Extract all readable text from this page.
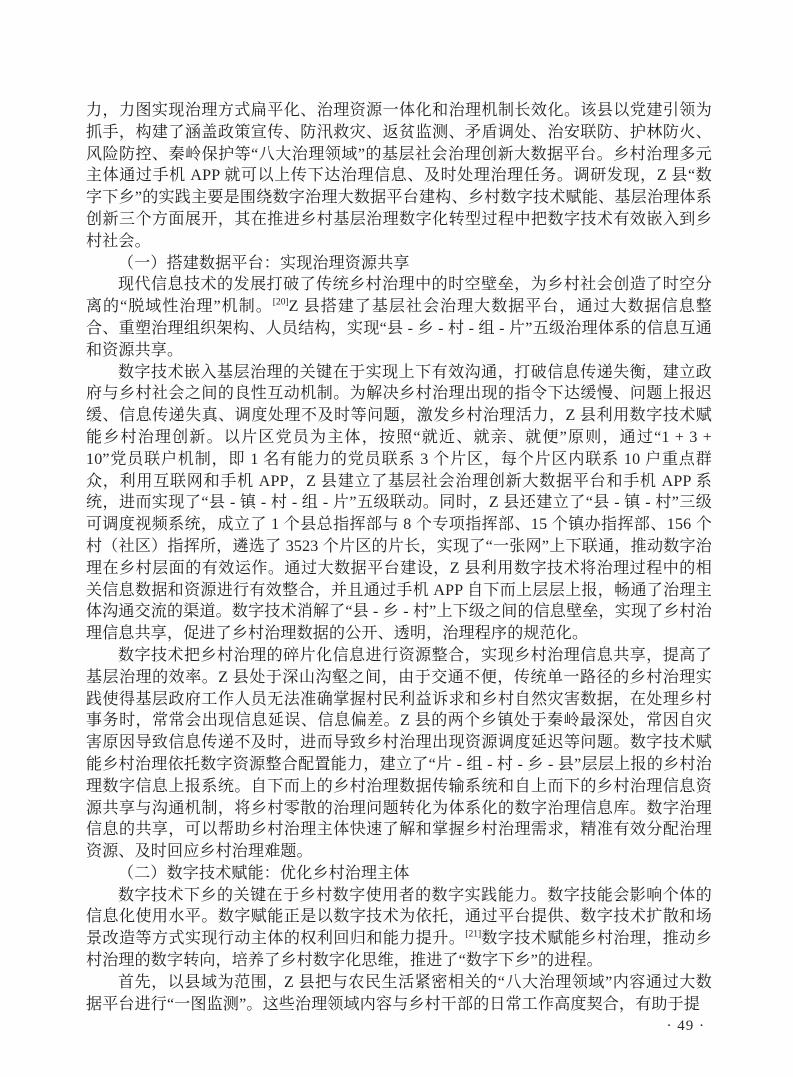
力，力图实现治理方式扁平化、治理资源一体化和治理机制长效化。该县以党建引领为抓手，构建了涵盖政策宣传、防汛救灾、返贫监测、矛盾调处、治安联防、护林防火、风险防控、秦岭保护等“八大治理领域”的基层社会治理创新大数据平台。乡村治理多元主体通过手机 APP 就可以上传下达治理信息、及时处理治理任务。调研发现，Z 县“数字下乡”的实践主要是围绕数字治理大数据平台建构、乡村数字技术赋能、基层治理体系创新三个方面展开，其在推进乡村基层治理数字化转型过程中把数字技术有效嵌入到乡村社会。

（一）搭建数据平台：实现治理资源共享

现代信息技术的发展打破了传统乡村治理中的时空壁垒，为乡村社会创造了时空分离的“脱域性治理”机制。[20]Z 县搭建了基层社会治理大数据平台，通过大数据信息整合、重塑治理组织架构、人员结构，实现“县 - 乡 - 村 - 组 - 片”五级治理体系的信息互通和资源共享。

数字技术嵌入基层治理的关键在于实现上下有效沟通，打破信息传递失衡，建立政府与乡村社会之间的良性互动机制。为解决乡村治理出现的指令下达缓慢、问题上报迟缓、信息传递失真、调度处理不及时等问题，激发乡村治理活力，Z 县利用数字技术赋能乡村治理创新。以片区党员为主体，按照“就近、就亲、就便”原则，通过“1 + 3 + 10”党员联户机制，即 1 名有能力的党员联系 3 个片区，每个片区内联系 10 户重点群众，利用互联网和手机 APP，Z 县建立了基层社会治理创新大数据平台和手机 APP 系统，进而实现了“县 - 镇 - 村 - 组 - 片”五级联动。同时，Z 县还建立了“县 - 镇 - 村”三级可调度视频系统，成立了 1 个县总指挥部与 8 个专项指挥部、15 个镇办指挥部、156 个村（社区）指挥所，遴选了 3523 个片区的片长，实现了“一张网”上下联通，推动数字治理在乡村层面的有效运作。通过大数据平台建设，Z 县利用数字技术将治理过程中的相关信息数据和资源进行有效整合，并且通过手机 APP 自下而上层层上报，畅通了治理主体沟通交流的渠道。数字技术消解了“县 - 乡 - 村”上下级之间的信息壁垒，实现了乡村治理信息共享，促进了乡村治理数据的公开、透明，治理程序的规范化。

数字技术把乡村治理的碎片化信息进行资源整合，实现乡村治理信息共享，提高了基层治理的效率。Z 县处于深山沟壑之间，由于交通不便，传统单一路径的乡村治理实践使得基层政府工作人员无法准确掌握村民利益诉求和乡村自然灾害数据，在处理乡村事务时，常常会出现信息延误、信息偏差。Z 县的两个乡镇处于秦岭最深处，常因自灾害原因导致信息传递不及时，进而导致乡村治理出现资源调度延迟等问题。数字技术赋能乡村治理依托数字资源整合配置能力，建立了“片 - 组 - 村 - 乡 - 县”层层上报的乡村治理数字信息上报系统。自下而上的乡村治理数据传输系统和自上而下的乡村治理信息资源共享与沟通机制，将乡村零散的治理问题转化为体系化的数字治理信息库。数字治理信息的共享，可以帮助乡村治理主体快速了解和掌握乡村治理需求，精准有效分配治理资源、及时回应乡村治理难题。

（二）数字技术赋能：优化乡村治理主体

数字技术下乡的关键在于乡村数字使用者的数字实践能力。数字技能会影响个体的信息化使用水平。数字赋能正是以数字技术为依托，通过平台提供、数字技术扩散和场景改造等方式实现行动主体的权利回归和能力提升。[21]数字技术赋能乡村治理，推动乡村治理的数字转向，培养了乡村数字化思维，推进了“数字下乡”的进程。

首先，以县域为范围，Z 县把与农民生活紧密相关的“八大治理领域”内容通过大数据平台进行“一图监测”。这些治理领域内容与乡村干部的日常工作高度契合，有助于提

· 49 ·
